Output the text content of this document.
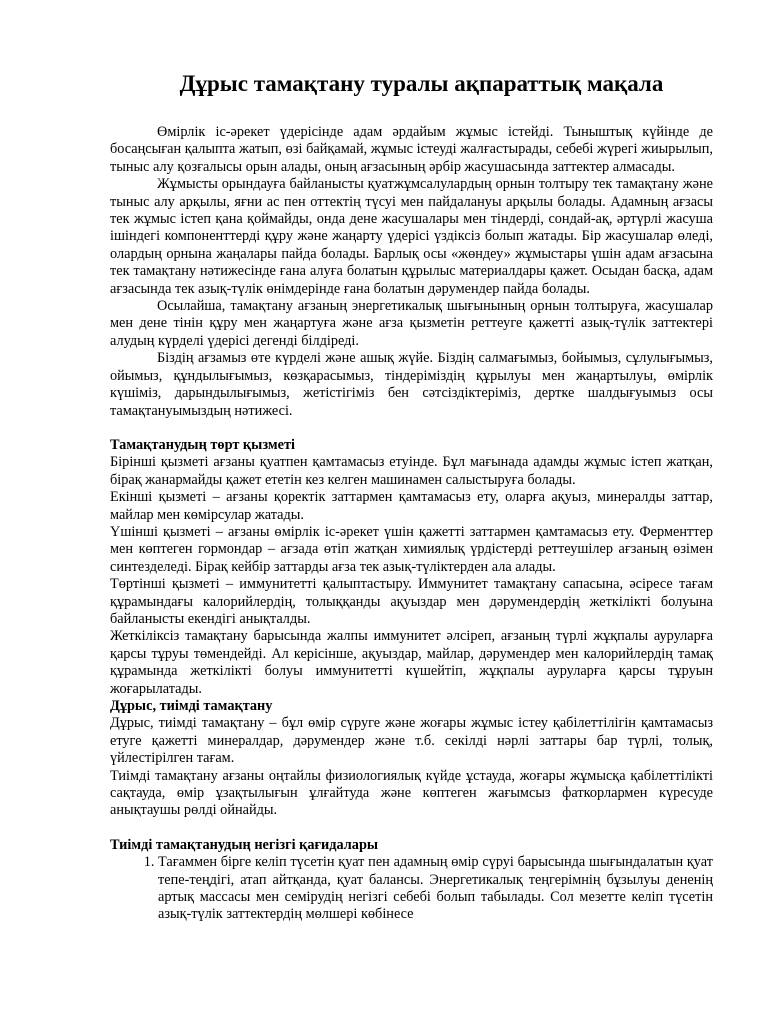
Дұрыс тамақтану туралы ақпараттық мақала

Өмірлік іс-әрекет үдерісінде адам әрдайым жұмыс істейді. Тыныштық күйінде де босаңсыған қалыпта жатып, өзі байқамай, жұмыс істеуді жалғастырады, себебі жүрегі жиырылып, тыныс алу қозғалысы орын алады, оның ағзасының әрбір жасушасында заттектер алмасады.

Жұмысты орындауға байланысты қуатжұмсалулардың орнын толтыру тек тамақтану және тыныс алу арқылы, яғни ас пен оттектің түсуі мен пайдалануы арқылы болады. Адамның ағзасы тек жұмыс істеп қана қоймайды, онда дене жасушалары мен тіндерді, сондай-ақ, әртүрлі жасуша ішіндегі компоненттерді құру және жаңарту үдерісі үздіксіз болып жатады. Бір жасушалар өледі, олардың орнына жаңалары пайда болады. Барлық осы «жөндеу» жұмыстары үшін адам ағзасына тек тамақтану нәтижесінде ғана алуға болатын құрылыс материалдары қажет. Осыдан басқа, адам ағзасында тек азық-түлік өнімдерінде ғана болатын дәрумендер пайда болады.

Осылайша, тамақтану ағзаның энергетикалық шығынының орнын толтыруға, жасушалар мен дене тінін құру мен жаңартуға және ағза қызметін реттеуге қажетті азық-түлік заттектері алудың күрделі үдерісі дегенді білдіреді.

Біздің ағзамыз өте күрделі және ашық жүйе. Біздің салмағымыз, бойымыз, сұлулығымыз, ойымыз, құндылығымыз, көзқарасымыз, тіндеріміздің құрылуы мен жаңартылуы, өмірлік күшіміз, дарындылығымыз, жетістігіміз бен сәтсіздіктеріміз, дертке шалдығуымыз осы тамақтануымыздың нәтижесі.

Тамақтанудың төрт қызметі

Бірінші қызметі ағзаны қуатпен қамтамасыз етуінде. Бұл мағынада адамды жұмыс істеп жатқан, бірақ жанармайды қажет ететін кез келген машинамен салыстыруға болады.

Екінші қызметі – ағзаны қоректік заттармен қамтамасыз ету, оларға ақуыз, минералды заттар, майлар мен көмірсулар жатады.

Үшінші қызметі – ағзаны өмірлік іс-әрекет үшін қажетті заттармен қамтамасыз ету. Ферменттер мен көптеген гормондар – ағзада өтіп жатқан химиялық үрдістерді реттеушілер ағзаның өзімен синтезделеді. Бірақ кейбір заттарды ағза тек азық-түліктерден ала алады.

Төртінші қызметі – иммунитетті қалыптастыру. Иммунитет тамақтану сапасына, әсіресе тағам құрамындағы калорийлердің, толыққанды ақуыздар мен дәрумендердің жеткілікті болуына байланысты екендігі анықталды.

Жеткіліксіз тамақтану барысында жалпы иммунитет әлсіреп, ағзаның түрлі жұқпалы ауруларға қарсы тұруы төмендейді. Ал керісінше, ақуыздар, майлар, дәрумендер мен калорийлердің тамақ құрамында жеткілікті болуы иммунитетті күшейтіп, жұқпалы ауруларға қарсы тұруын жоғарылатады.

Дұрыс, тиімді тамақтану

Дұрыс, тиімді тамақтану – бұл өмір сүруге және жоғары жұмыс істеу қабілеттілігін қамтамасыз етуге қажетті минералдар, дәрумендер және т.б. секілді нәрлі заттары бар түрлі, толық, үйлестірілген тағам.

Тиімді тамақтану ағзаны оңтайлы физиологиялық күйде ұстауда, жоғары жұмысқа қабілеттілікті сақтауда, өмір ұзақтылығын ұлғайтуда және көптеген жағымсыз фаткорлармен күресуде анықтаушы рөлді ойнайды.

Тиімді тамақтанудың негізгі қағидалары
1. Тағаммен бірге келіп түсетін қуат пен адамның өмір сүруі барысында шығындалатын қуат тепе-теңдігі, атап айтқанда, қуат балансы. Энергетикалық теңгерімнің бұзылуы дененің артық массасы мен семірудің негізгі себебі болып табылады. Сол мезетте келіп түсетін азық-түлік заттектердің мөлшері көбінесе
